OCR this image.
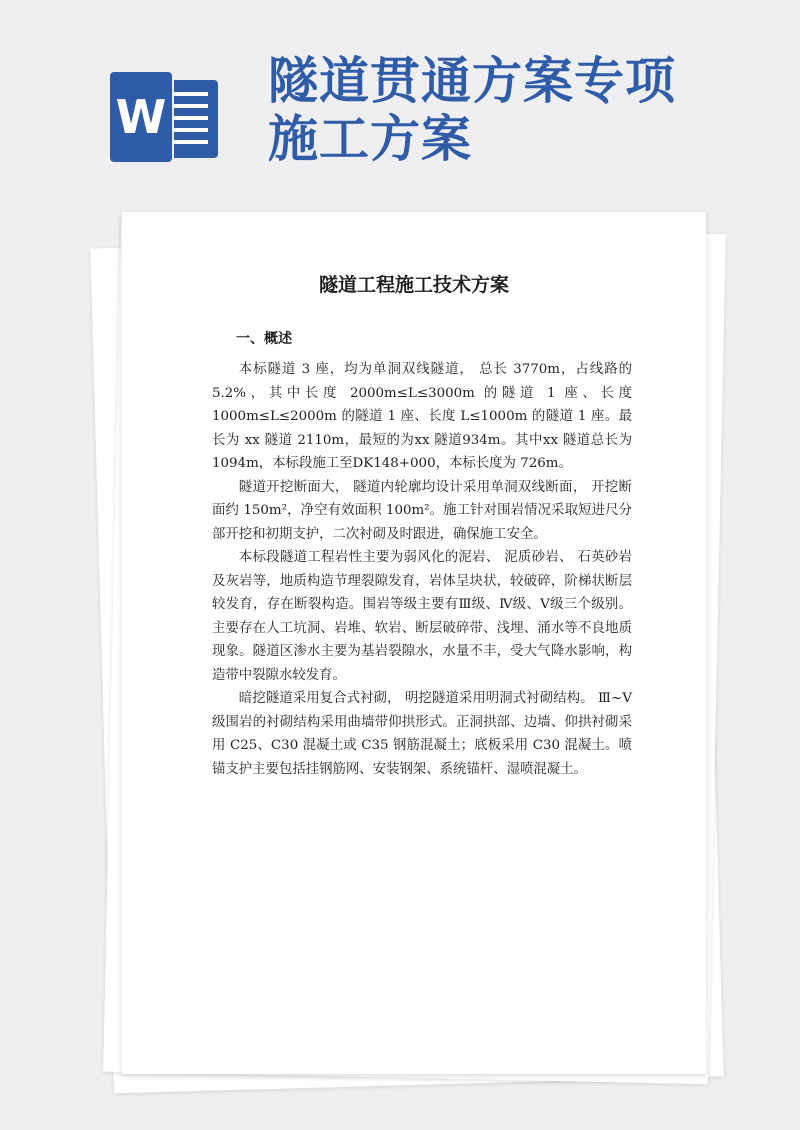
W
隧道贯通方案专项
施工方案
隧道工程施工技术方案
一、概述

本标隧道 3 座，均为单洞双线隧道， 总长 3770m，占线路的 5.2%，其中长度 2000m≤L≤3000m 的隧道 1 座、长度 1000m≤L≤2000m 的隧道 1 座、长度 L≤1000m 的隧道 1 座。最长为 xx 隧道 2110m，最短的为xx 隧道934m。其中xx 隧道总长为 1094m，本标段施工至DK148+000，本标长度为 726m。

隧道开挖断面大， 隧道内轮廓均设计采用单洞双线断面， 开挖断面约 150m²，净空有效面积 100m²。施工针对围岩情况采取短进尺分部开挖和初期支护，二次衬砌及时跟进，确保施工安全。

本标段隧道工程岩性主要为弱风化的泥岩、 泥质砂岩、 石英砂岩及灰岩等，地质构造节理裂隙发育，岩体呈块状，较破碎，阶梯状断层较发育，存在断裂构造。围岩等级主要有Ⅲ级、Ⅳ级、Ⅴ级三个级别。主要存在人工坑洞、岩堆、软岩、断层破碎带、浅埋、涌水等不良地质现象。隧道区渗水主要为基岩裂隙水，水量不丰，受大气降水影响，构造带中裂隙水较发育。

暗挖隧道采用复合式衬砌， 明挖隧道采用明洞式衬砌结构。 Ⅲ~Ⅴ级围岩的衬砌结构采用曲墙带仰拱形式。正洞拱部、边墙、仰拱衬砌采用 C25、C30 混凝土或 C35 钢筋混凝土；底板采用 C30 混凝土。喷锚支护主要包括挂钢筋网、安装钢架、系统锚杆、湿喷混凝土。
